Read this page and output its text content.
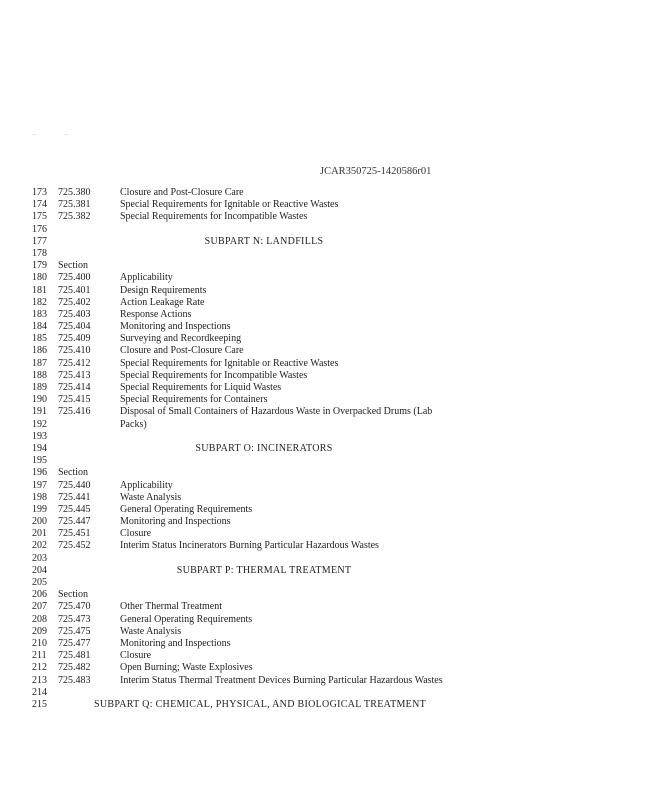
. .
JCAR350725-1420586r01
173	725.380	Closure and Post-Closure Care
174	725.381	Special Requirements for Ignitable or Reactive Wastes
175	725.382	Special Requirements for Incompatible Wastes
176
177	SUBPART N: LANDFILLS
178
179	Section
180	725.400	Applicability
181	725.401	Design Requirements
182	725.402	Action Leakage Rate
183	725.403	Response Actions
184	725.404	Monitoring and Inspections
185	725.409	Surveying and Recordkeeping
186	725.410	Closure and Post-Closure Care
187	725.412	Special Requirements for Ignitable or Reactive Wastes
188	725.413	Special Requirements for Incompatible Wastes
189	725.414	Special Requirements for Liquid Wastes
190	725.415	Special Requirements for Containers
191	725.416	Disposal of Small Containers of Hazardous Waste in Overpacked Drums (Lab
192	Packs)
193
194	SUBPART O: INCINERATORS
195
196	Section
197	725.440	Applicability
198	725.441	Waste Analysis
199	725.445	General Operating Requirements
200	725.447	Monitoring and Inspections
201	725.451	Closure
202	725.452	Interim Status Incinerators Burning Particular Hazardous Wastes
203
204	SUBPART P: THERMAL TREATMENT
205
206	Section
207	725.470	Other Thermal Treatment
208	725.473	General Operating Requirements
209	725.475	Waste Analysis
210	725.477	Monitoring and Inspections
211	725.481	Closure
212	725.482	Open Burning; Waste Explosives
213	725.483	Interim Status Thermal Treatment Devices Burning Particular Hazardous Wastes
214
215	SUBPART Q: CHEMICAL, PHYSICAL, AND BIOLOGICAL TREATMENT
